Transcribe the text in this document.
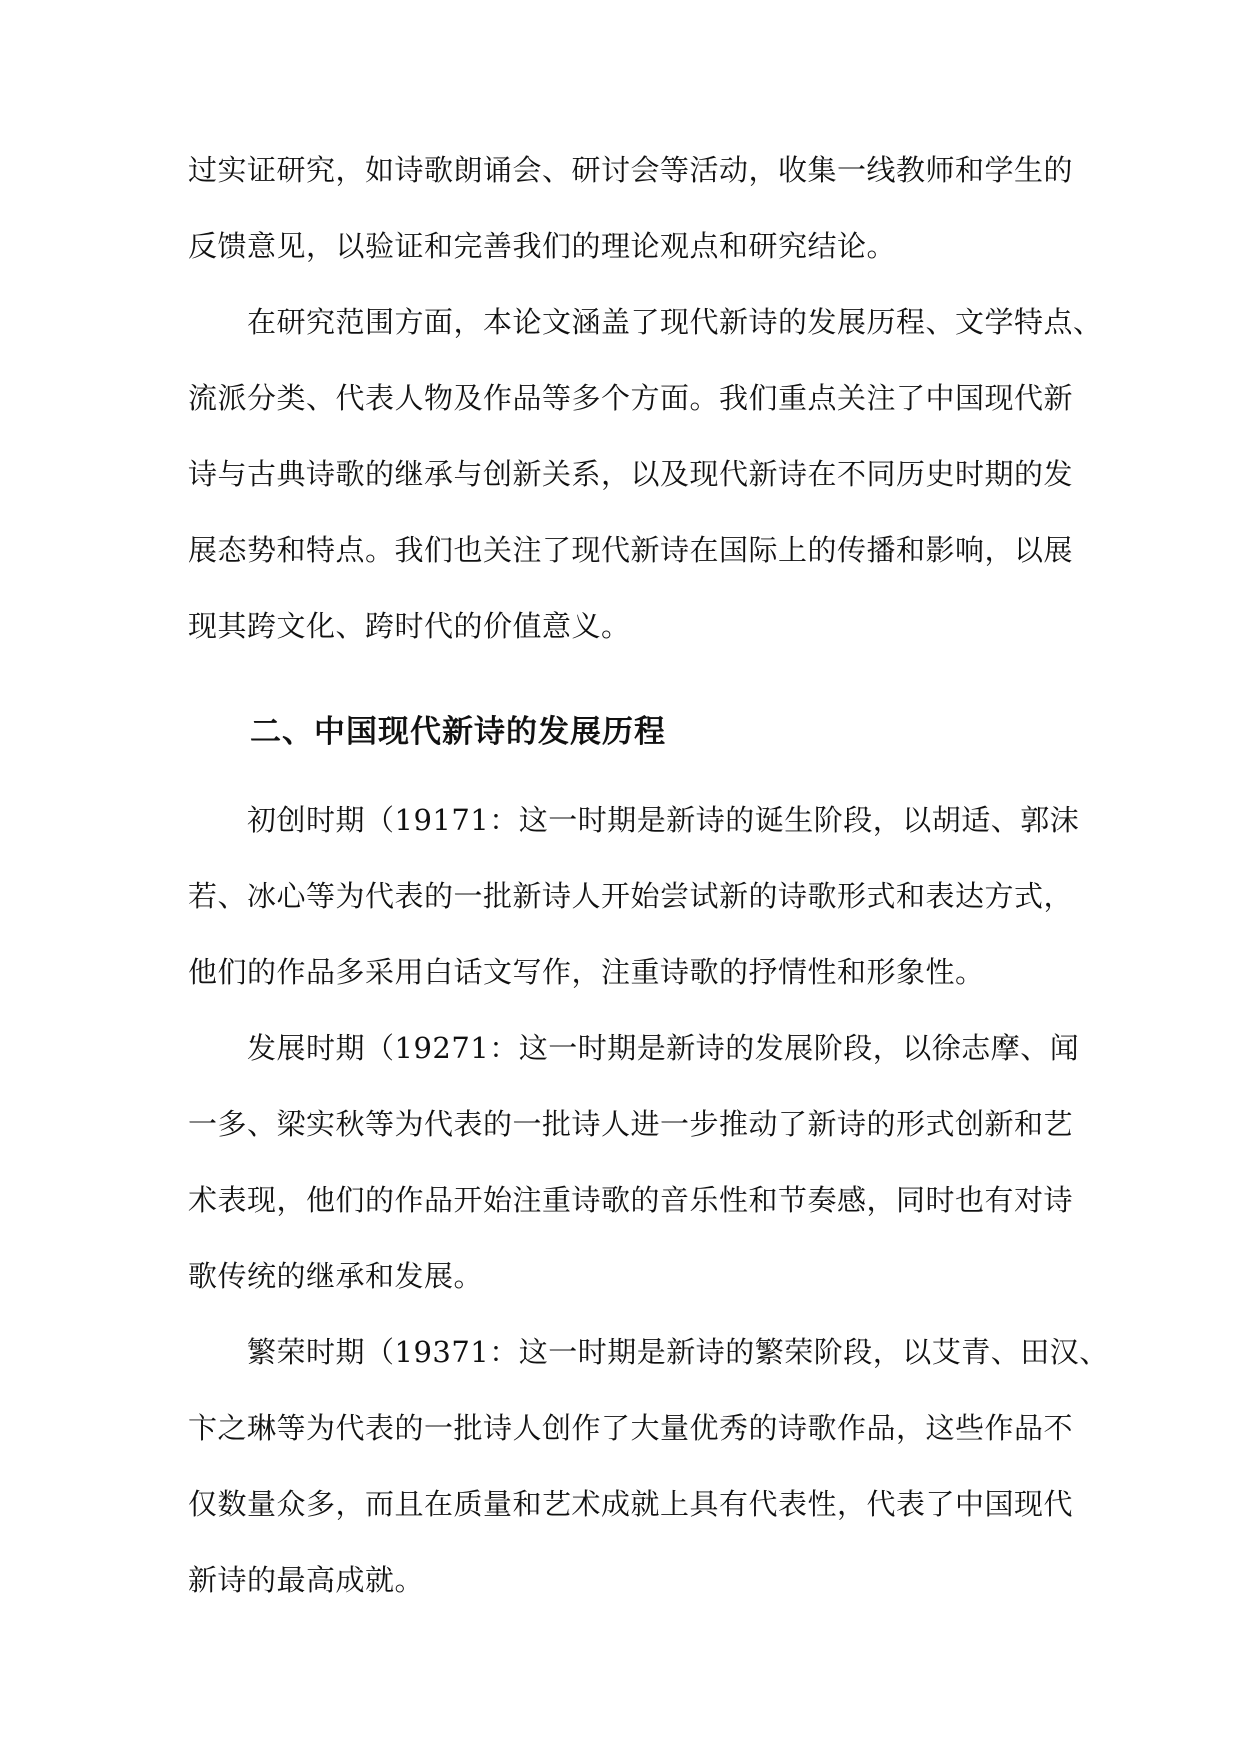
过实证研究，如诗歌朗诵会、研讨会等活动，收集一线教师和学生的
反馈意见，以验证和完善我们的理论观点和研究结论。
在研究范围方面，本论文涵盖了现代新诗的发展历程、文学特点、
流派分类、代表人物及作品等多个方面。我们重点关注了中国现代新
诗与古典诗歌的继承与创新关系，以及现代新诗在不同历史时期的发
展态势和特点。我们也关注了现代新诗在国际上的传播和影响，以展
现其跨文化、跨时代的价值意义。
二、中国现代新诗的发展历程
初创时期（19171：这一时期是新诗的诞生阶段，以胡适、郭沫
若、冰心等为代表的一批新诗人开始尝试新的诗歌形式和表达方式，
他们的作品多采用白话文写作，注重诗歌的抒情性和形象性。
发展时期（19271：这一时期是新诗的发展阶段，以徐志摩、闻
一多、梁实秋等为代表的一批诗人进一步推动了新诗的形式创新和艺
术表现，他们的作品开始注重诗歌的音乐性和节奏感，同时也有对诗
歌传统的继承和发展。
繁荣时期（19371：这一时期是新诗的繁荣阶段，以艾青、田汉、
卞之琳等为代表的一批诗人创作了大量优秀的诗歌作品，这些作品不
仅数量众多，而且在质量和艺术成就上具有代表性，代表了中国现代
新诗的最高成就。
